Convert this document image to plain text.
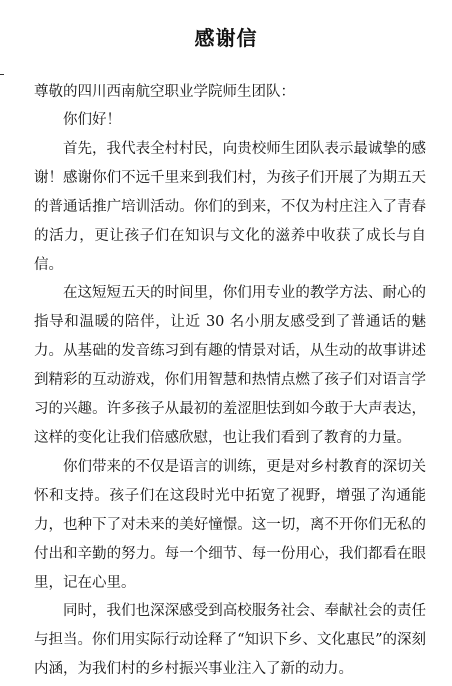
感谢信
尊敬的四川西南航空职业学院师生团队：

你们好！

首先，我代表全村村民，向贵校师生团队表示最诚挚的感谢！感谢你们不远千里来到我们村，为孩子们开展了为期五天的普通话推广培训活动。你们的到来，不仅为村庄注入了青春的活力，更让孩子们在知识与文化的滋养中收获了成长与自信。

在这短短五天的时间里，你们用专业的教学方法、耐心的指导和温暖的陪伴，让近 30 名小朋友感受到了普通话的魅力。从基础的发音练习到有趣的情景对话，从生动的故事讲述到精彩的互动游戏，你们用智慧和热情点燃了孩子们对语言学习的兴趣。许多孩子从最初的羞涩胆怯到如今敢于大声表达，这样的变化让我们倍感欣慰，也让我们看到了教育的力量。

你们带来的不仅是语言的训练，更是对乡村教育的深切关怀和支持。孩子们在这段时光中拓宽了视野，增强了沟通能力，也种下了对未来的美好憧憬。这一切，离不开你们无私的付出和辛勤的努力。每一个细节、每一份用心，我们都看在眼里，记在心里。

同时，我们也深深感受到高校服务社会、奉献社会的责任与担当。你们用实际行动诠释了“知识下乡、文化惠民”的深刻内涵，为我们村的乡村振兴事业注入了新的动力。
